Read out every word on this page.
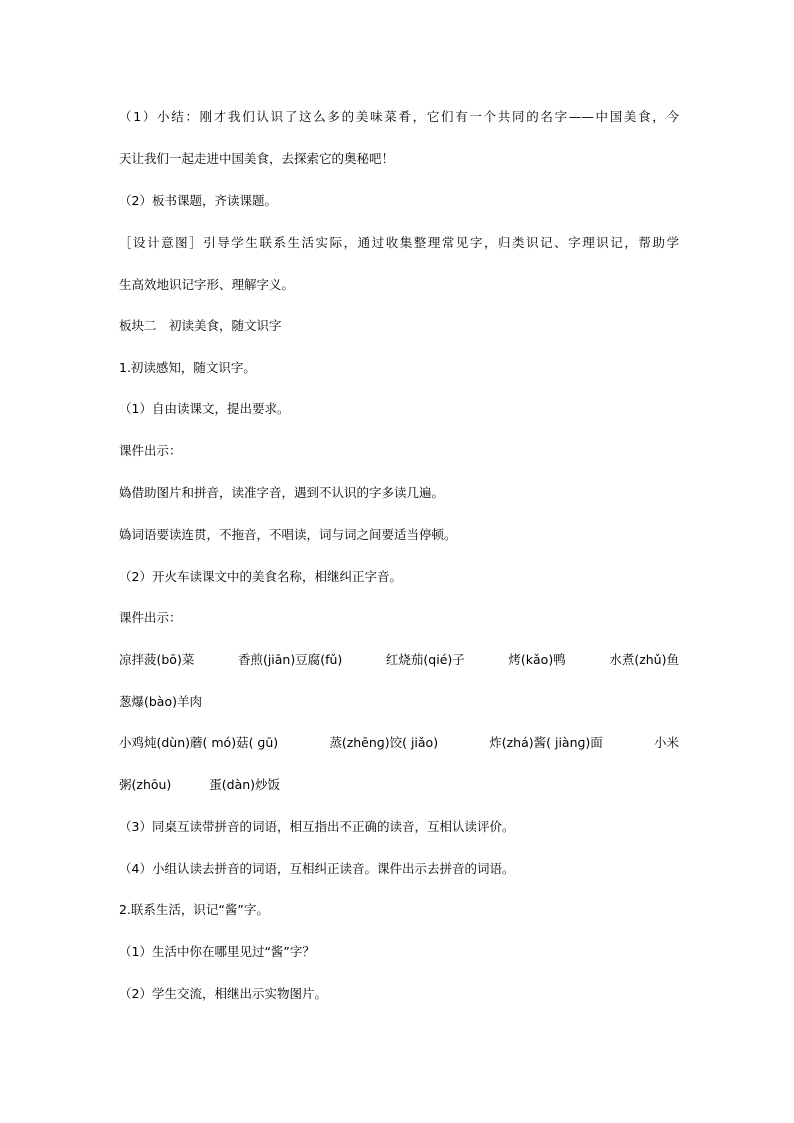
（1）小结：刚才我们认识了这么多的美味菜肴，它们有一个共同的名字——中国美食，今
天让我们一起走进中国美食，去探索它的奥秘吧！
（2）板书课题，齐读课题。
［设计意图］引导学生联系生活实际，通过收集整理常见字，归类识记、字理识记，帮助学
生高效地识记字形、理解字义。
板块二　初读美食，随文识字
1.初读感知，随文识字。
（1）自由读课文，提出要求。
课件出示：
媯借助图片和拼音，读准字音，遇到不认识的字多读几遍。
媯词语要读连贯，不拖音，不唱读，词与词之间要适当停顿。
（2）开火车读课文中的美食名称，相继纠正字音。
课件出示：
凉拌菠(bō)菜	香煎(jiān)豆腐(fǔ)	红烧茄(qié)子	烤(kǎo)鸭	水煮(zhǔ)鱼
葱爆(bào)羊肉
小鸡炖(dùn)蘑( mó)菇( ɡū)	蒸(zhēnɡ)饺( jiǎo)	炸(zhá)酱( jiànɡ)面	小米
粥(zhōu)	蛋(dàn)炒饭
（3）同桌互读带拼音的词语，相互指出不正确的读音，互相认读评价。
（4）小组认读去拼音的词语，互相纠正读音。课件出示去拼音的词语。
2.联系生活，识记“酱”字。
（1）生活中你在哪里见过“酱”字？
（2）学生交流，相继出示实物图片。
